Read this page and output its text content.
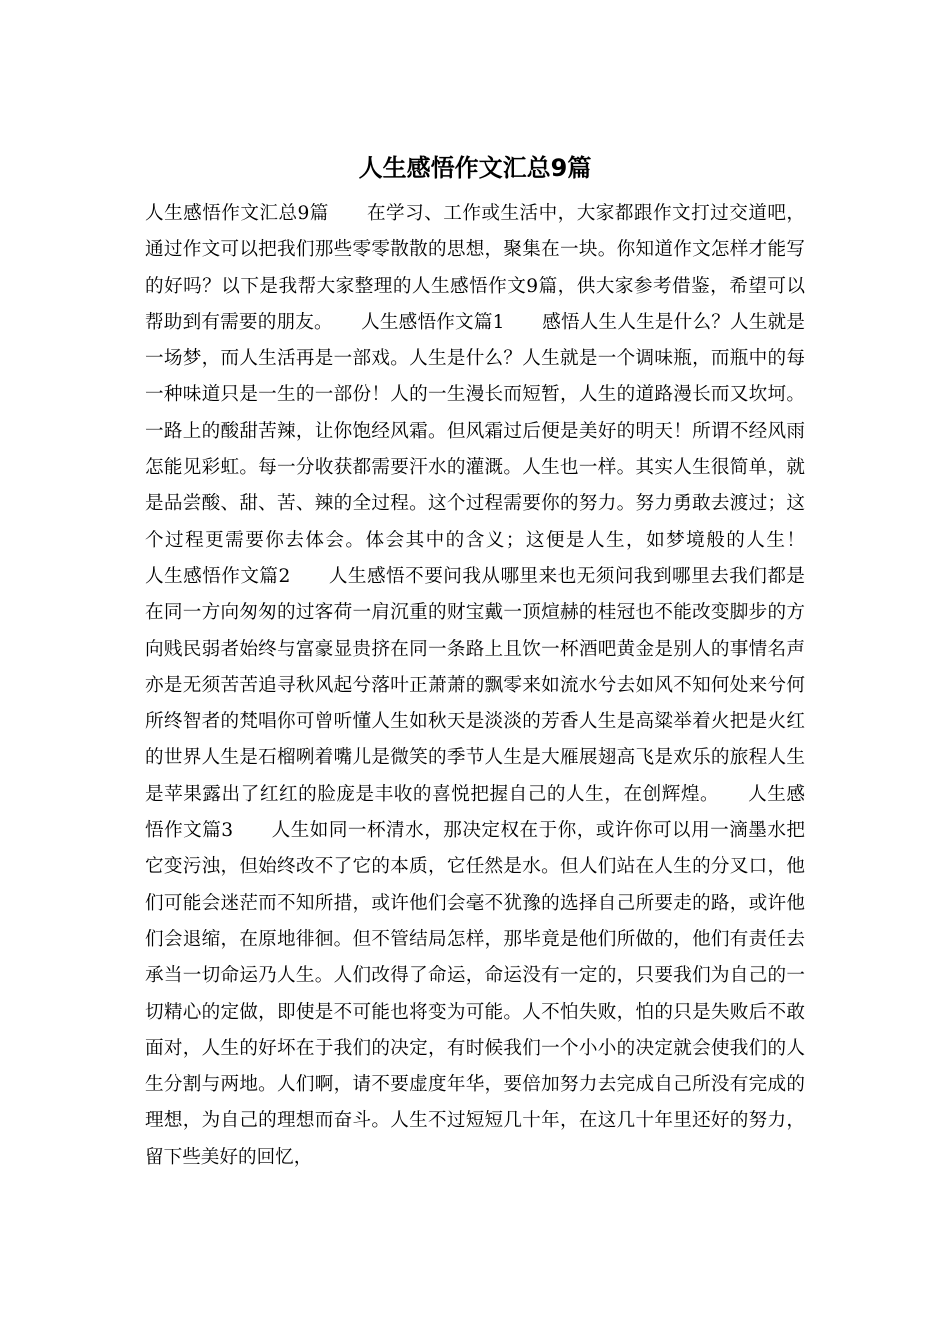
人生感悟作文汇总9篇

人生感悟作文汇总9篇　　在学习、工作或生活中，大家都跟作文打过交道吧，通过作文可以把我们那些零零散散的思想，聚集在一块。你知道作文怎样才能写的好吗？以下是我帮大家整理的人生感悟作文9篇，供大家参考借鉴，希望可以帮助到有需要的朋友。　　人生感悟作文篇1　　感悟人生人生是什么？人生就是一场梦，而人生活再是一部戏。人生是什么？人生就是一个调味瓶，而瓶中的每一种味道只是一生的一部份！人的一生漫长而短暂，人生的道路漫长而又坎坷。一路上的酸甜苦辣，让你饱经风霜。但风霜过后便是美好的明天！所谓不经风雨怎能见彩虹。每一分收获都需要汗水的灌溉。人生也一样。其实人生很简单，就是品尝酸、甜、苦、辣的全过程。这个过程需要你的努力。努力勇敢去渡过；这个过程更需要你去体会。体会其中的含义；这便是人生，如梦境般的人生！　　人生感悟作文篇2　　人生感悟不要问我从哪里来也无须问我到哪里去我们都是在同一方向匆匆的过客荷一肩沉重的财宝戴一顶煊赫的桂冠也不能改变脚步的方向贱民弱者始终与富豪显贵挤在同一条路上且饮一杯酒吧黄金是别人的事情名声亦是无须苦苦追寻秋风起兮落叶正萧萧的飘零来如流水兮去如风不知何处来兮何所终智者的梵唱你可曾听懂人生如秋天是淡淡的芳香人生是高粱举着火把是火红的世界人生是石榴咧着嘴儿是微笑的季节人生是大雁展翅高飞是欢乐的旅程人生是苹果露出了红红的脸庞是丰收的喜悦把握自己的人生，在创辉煌。　　人生感悟作文篇3　　人生如同一杯清水，那决定权在于你，或许你可以用一滴墨水把它变污浊，但始终改不了它的本质，它任然是水。但人们站在人生的分叉口，他们可能会迷茫而不知所措，或许他们会毫不犹豫的选择自己所要走的路，或许他们会退缩，在原地徘徊。但不管结局怎样，那毕竟是他们所做的，他们有责任去承当一切命运乃人生。人们改得了命运，命运没有一定的，只要我们为自己的一切精心的定做，即使是不可能也将变为可能。人不怕失败，怕的只是失败后不敢面对，人生的好坏在于我们的决定，有时候我们一个小小的决定就会使我们的人生分割与两地。人们啊，请不要虚度年华，要倍加努力去完成自己所没有完成的理想，为自己的理想而奋斗。人生不过短短几十年，在这几十年里还好的努力，留下些美好的回忆，
